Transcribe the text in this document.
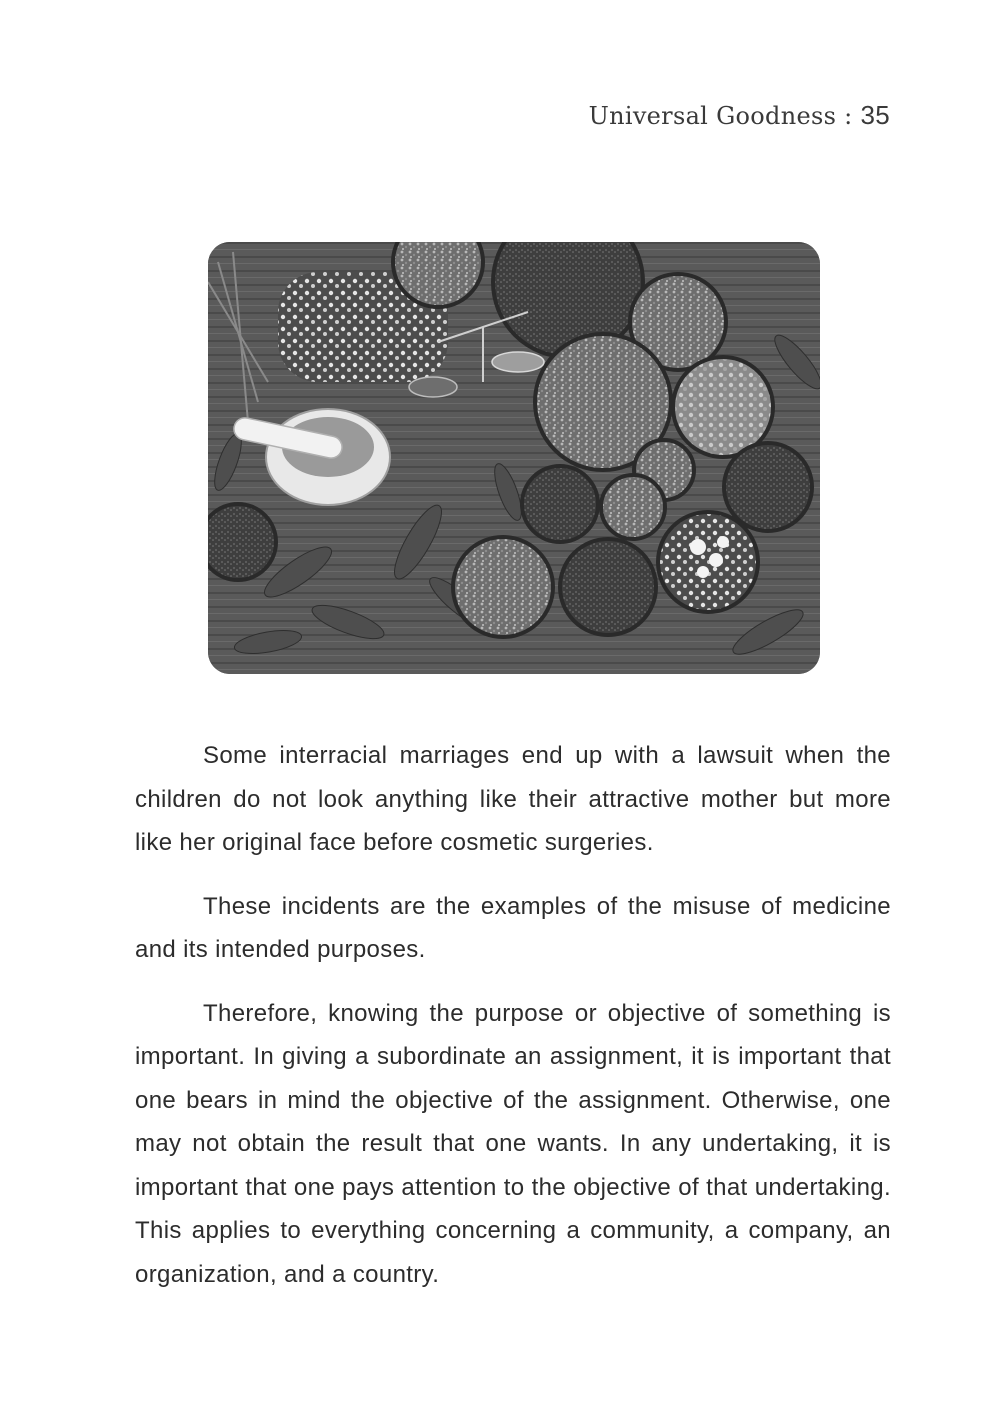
Universal Goodness : 35

Some interracial marriages end up with a lawsuit when the children do not look anything like their attractive mother but more like her original face before cosmetic surgeries.

These incidents are the examples of the misuse of medicine and its intended purposes.

Therefore, knowing the purpose or objective of something is important. In giving a subordinate an assignment, it is important that one bears in mind the objective of the assignment. Otherwise, one may not obtain the result that one wants. In any undertaking, it is important that one pays attention to the objective of that undertaking. This applies to everything concerning a community, a company, an organization, and a country.
